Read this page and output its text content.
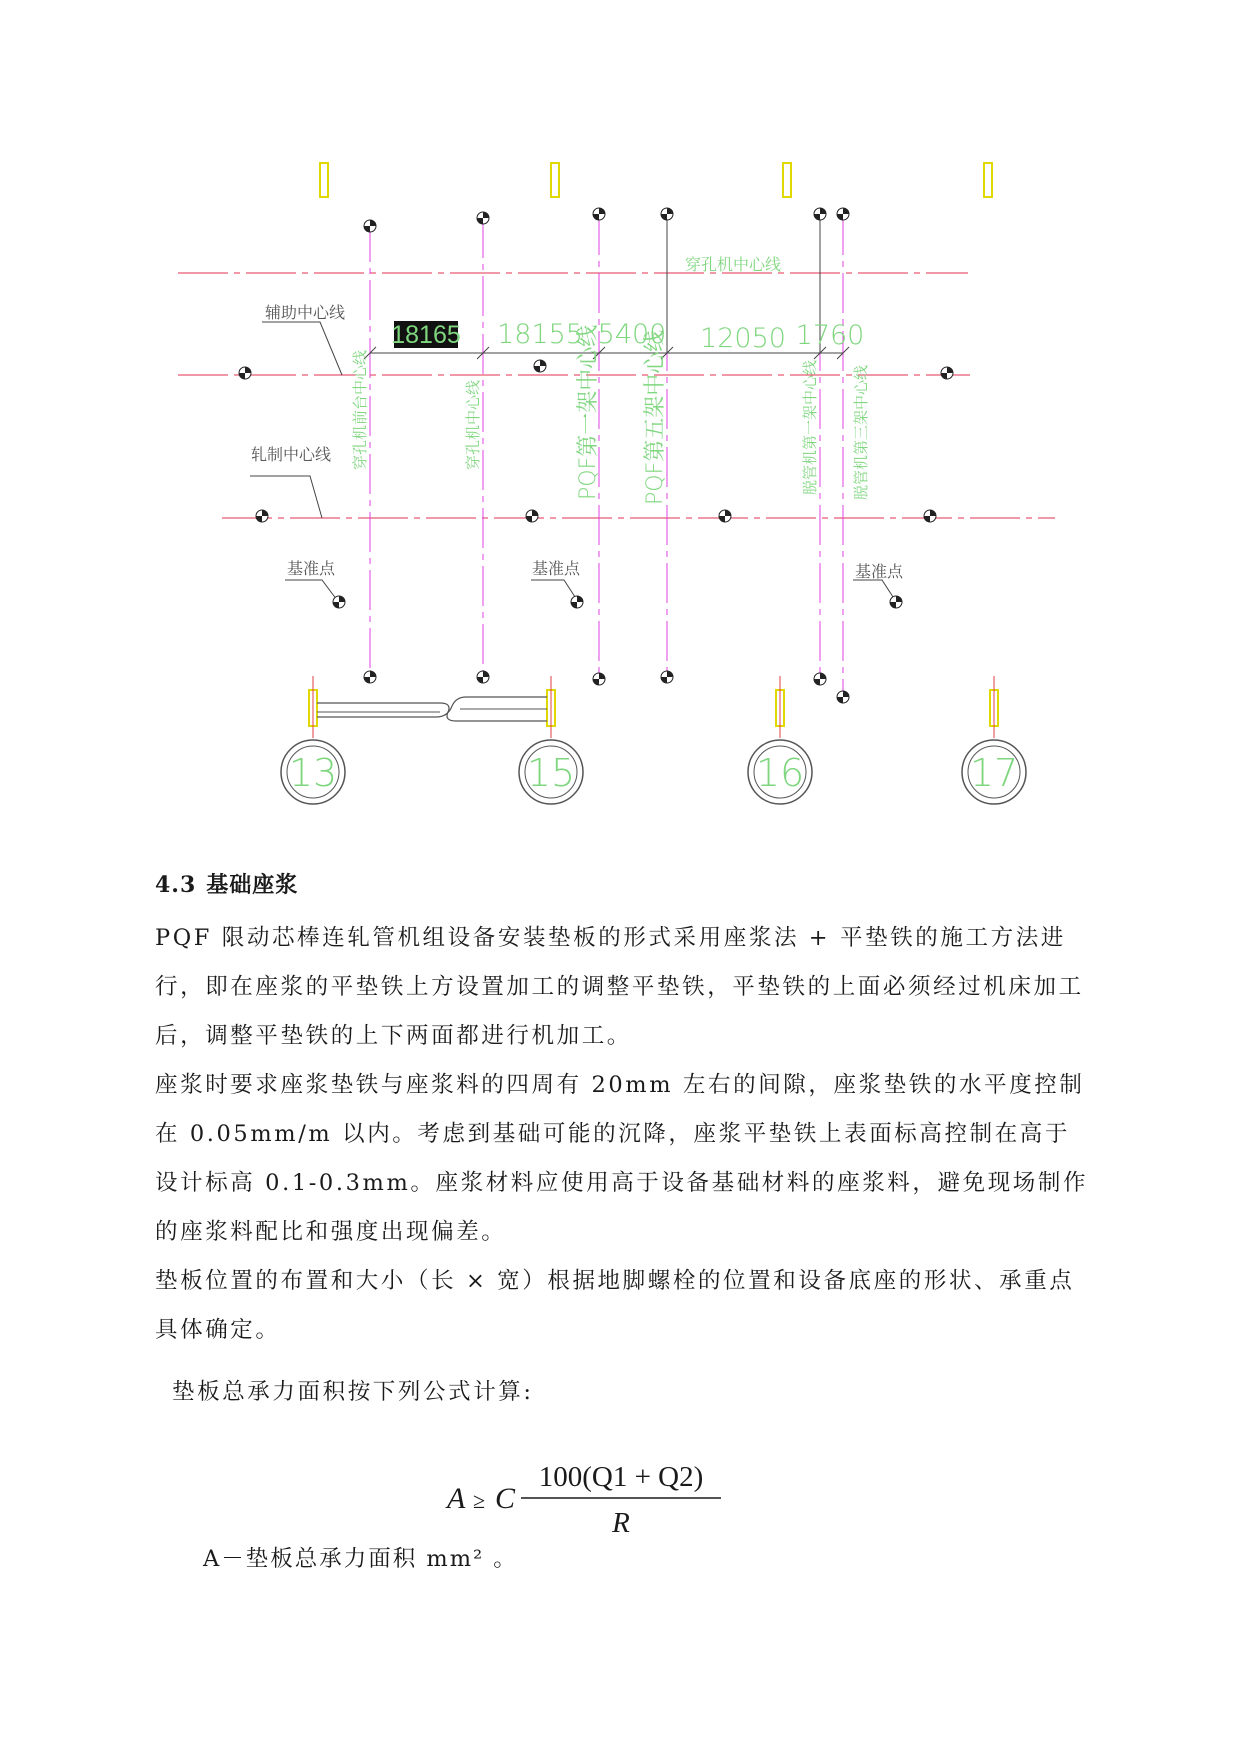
18165 18155 5400 12050 1760
穿孔机中心线
辅助中心线
轧制中心线
基准点	基准点	基准点
穿孔机前台中心线	穿孔机中心线	PQF第一架中心线 PQF第五架中心线	脱管机第一架中心线 脱管机第三架中心线
13	15	16	17
4.3 基础座浆

PQF 限动芯棒连轧管机组设备安装垫板的形式采用座浆法 + 平垫铁的施工方法进行，即在座浆的平垫铁上方设置加工的调整平垫铁，平垫铁的上面必须经过机床加工后，调整平垫铁的上下两面都进行机加工。

座浆时要求座浆垫铁与座浆料的四周有 20mm 左右的间隙，座浆垫铁的水平度控制在 0.05mm/m 以内。考虑到基础可能的沉降，座浆平垫铁上表面标高控制在高于设计标高 0.1-0.3mm。座浆材料应使用高于设备基础材料的座浆料，避免现场制作的座浆料配比和强度出现偏差。

垫板位置的布置和大小（长 × 宽）根据地脚螺栓的位置和设备底座的形状、承重点具体确定。

垫板总承力面积按下列公式计算:

A ≥ C
100(Q1 + Q2)
R

A－垫板总承力面积 mm² 。
